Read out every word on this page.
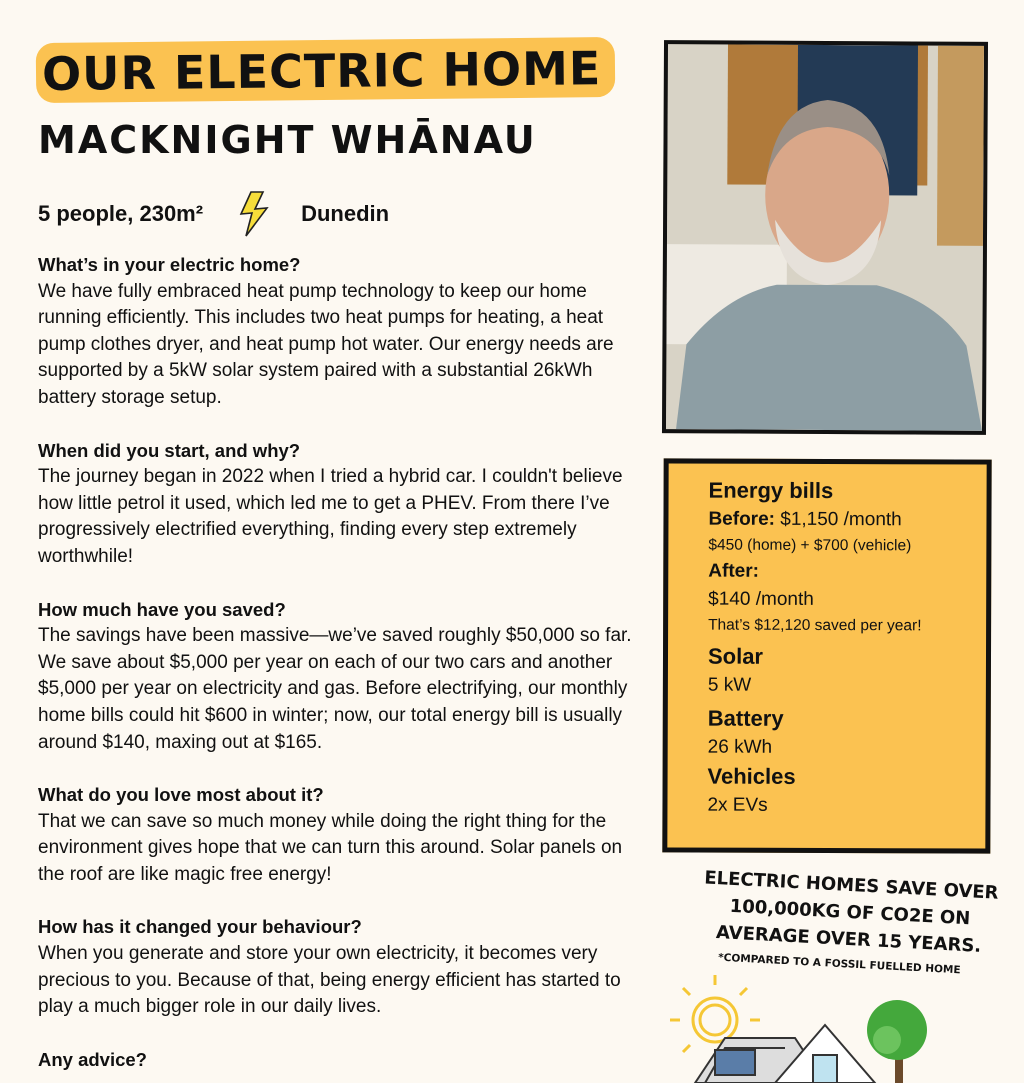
OUR ELECTRIC HOME
MACKNIGHT WHĀNAU
5 people, 230m²	Dunedin
What’s in your electric home?

We have fully embraced heat pump technology to keep our home running efficiently. This includes two heat pumps for heating, a heat pump clothes dryer, and heat pump hot water. Our energy needs are supported by a 5kW solar system paired with a substantial 26kWh battery storage setup.

When did you start, and why?

The journey began in 2022 when I tried a hybrid car. I couldn't believe how little petrol it used, which led me to get a PHEV. From there I’ve progressively electrified everything, finding every step extremely worthwhile!

How much have you saved?

The savings have been massive—we’ve saved roughly $50,000 so far. We save about $5,000 per year on each of our two cars and another $5,000 per year on electricity and gas. Before electrifying, our monthly home bills could hit $600 in winter; now, our total energy bill is usually around $140, maxing out at $165.

What do you love most about it?

That we can save so much money while doing the right thing for the environment gives hope that we can turn this around. Solar panels on the roof are like magic free energy!

How has it changed your behaviour?

When you generate and store your own electricity, it becomes very precious to you. Because of that, being energy efficient has started to play a much bigger role in our daily lives.

Any advice?
Energy bills
Before: $1,150 /month
$450 (home) + $700 (vehicle)
After:
$140 /month
That’s $12,120 saved per year!
Solar
5 kW
Battery
26 kWh
Vehicles
2x EVs
ELECTRIC HOMES SAVE OVER 100,000KG OF CO2E ON AVERAGE OVER 15 YEARS.
*COMPARED TO A FOSSIL FUELLED HOME
